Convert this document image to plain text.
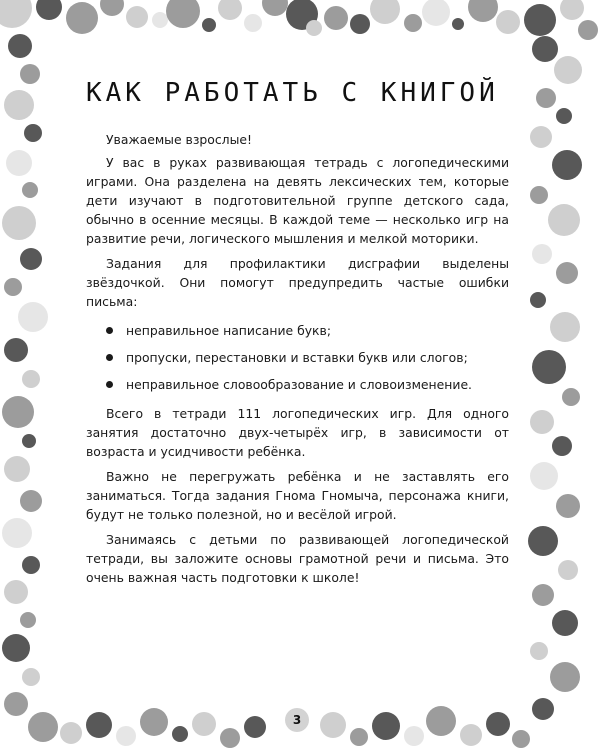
КАК РАБОТАТЬ С КНИГОЙ

Уважаемые взрослые!

У вас в руках развивающая тетрадь с логопедическими играми. Она разделена на девять лексических тем, которые дети изучают в подготовительной группе детского сада, обычно в осенние месяцы. В каждой теме — несколько игр на развитие речи, логического мышления и мелкой моторики.

Задания для профилактики дисграфии выделены звёздочкой. Они помогут предупредить частые ошибки письма:

неправильное написание букв;
пропуски, перестановки и вставки букв или слогов;
неправильное словообразование и словоизменение.

Всего в тетради 111 логопедических игр. Для одного занятия достаточно двух-четырёх игр, в зависимости от возраста и усидчивости ребёнка.

Важно не перегружать ребёнка и не заставлять его заниматься. Тогда задания Гнома Гномыча, персонажа книги, будут не только полезной, но и весёлой игрой.

Занимаясь с детьми по развивающей логопедической тетради, вы заложите основы грамотной речи и письма. Это очень важная часть подготовки к школе!

3
